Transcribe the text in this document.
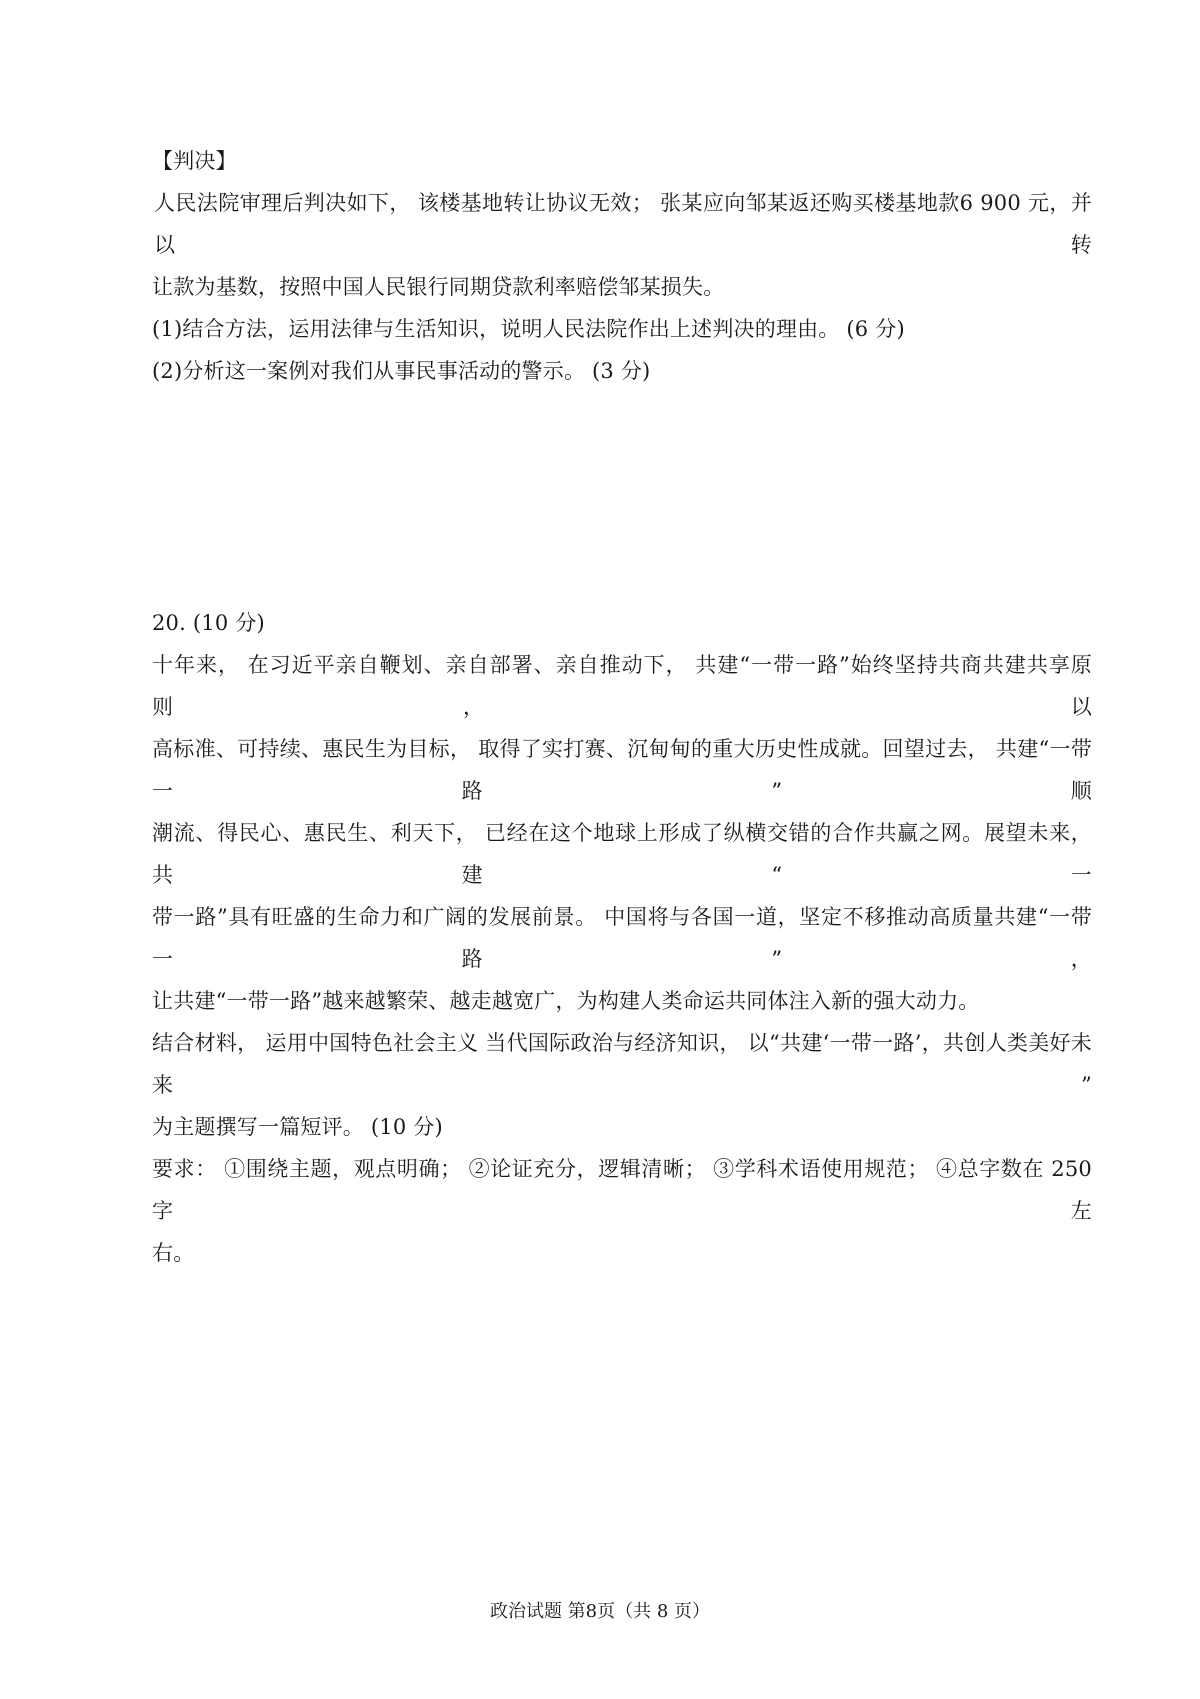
【判决】
人民法院审理后判决如下， 该楼基地转让协议无效； 张某应向邹某返还购买楼基地款6 900 元，并以转
让款为基数，按照中国人民银行同期贷款利率赔偿邹某损失。
(1)结合方法，运用法律与生活知识，说明人民法院作出上述判决的理由。 (6 分)
(2)分析这一案例对我们从事民事活动的警示。 (3 分)
20. (10 分)
十年来， 在习近平亲自鞭划、亲自部署、亲自推动下， 共建“一带一路”始终坚持共商共建共享原则， 以
高标准、可持续、惠民生为目标， 取得了实打赛、沉甸甸的重大历史性成就。回望过去， 共建“一带一路”顺
潮流、得民心、惠民生、利天下， 已经在这个地球上形成了纵横交错的合作共赢之网。展望未来， 共建“一
带一路”具有旺盛的生命力和广阔的发展前景。 中国将与各国一道，坚定不移推动高质量共建“一带一路”，
让共建“一带一路”越来越繁荣、越走越宽广，为构建人类命运共同体注入新的强大动力。
结合材料， 运用中国特色社会主义 当代国际政治与经济知识， 以“共建‘一带一路’，共创人类美好未来”
为主题撰写一篇短评。 (10 分)
要求： ①围绕主题，观点明确； ②论证充分，逻辑清晰； ③学科术语使用规范； ④总字数在 250 字左
右。
政治试题 第8页（共 8 页）
